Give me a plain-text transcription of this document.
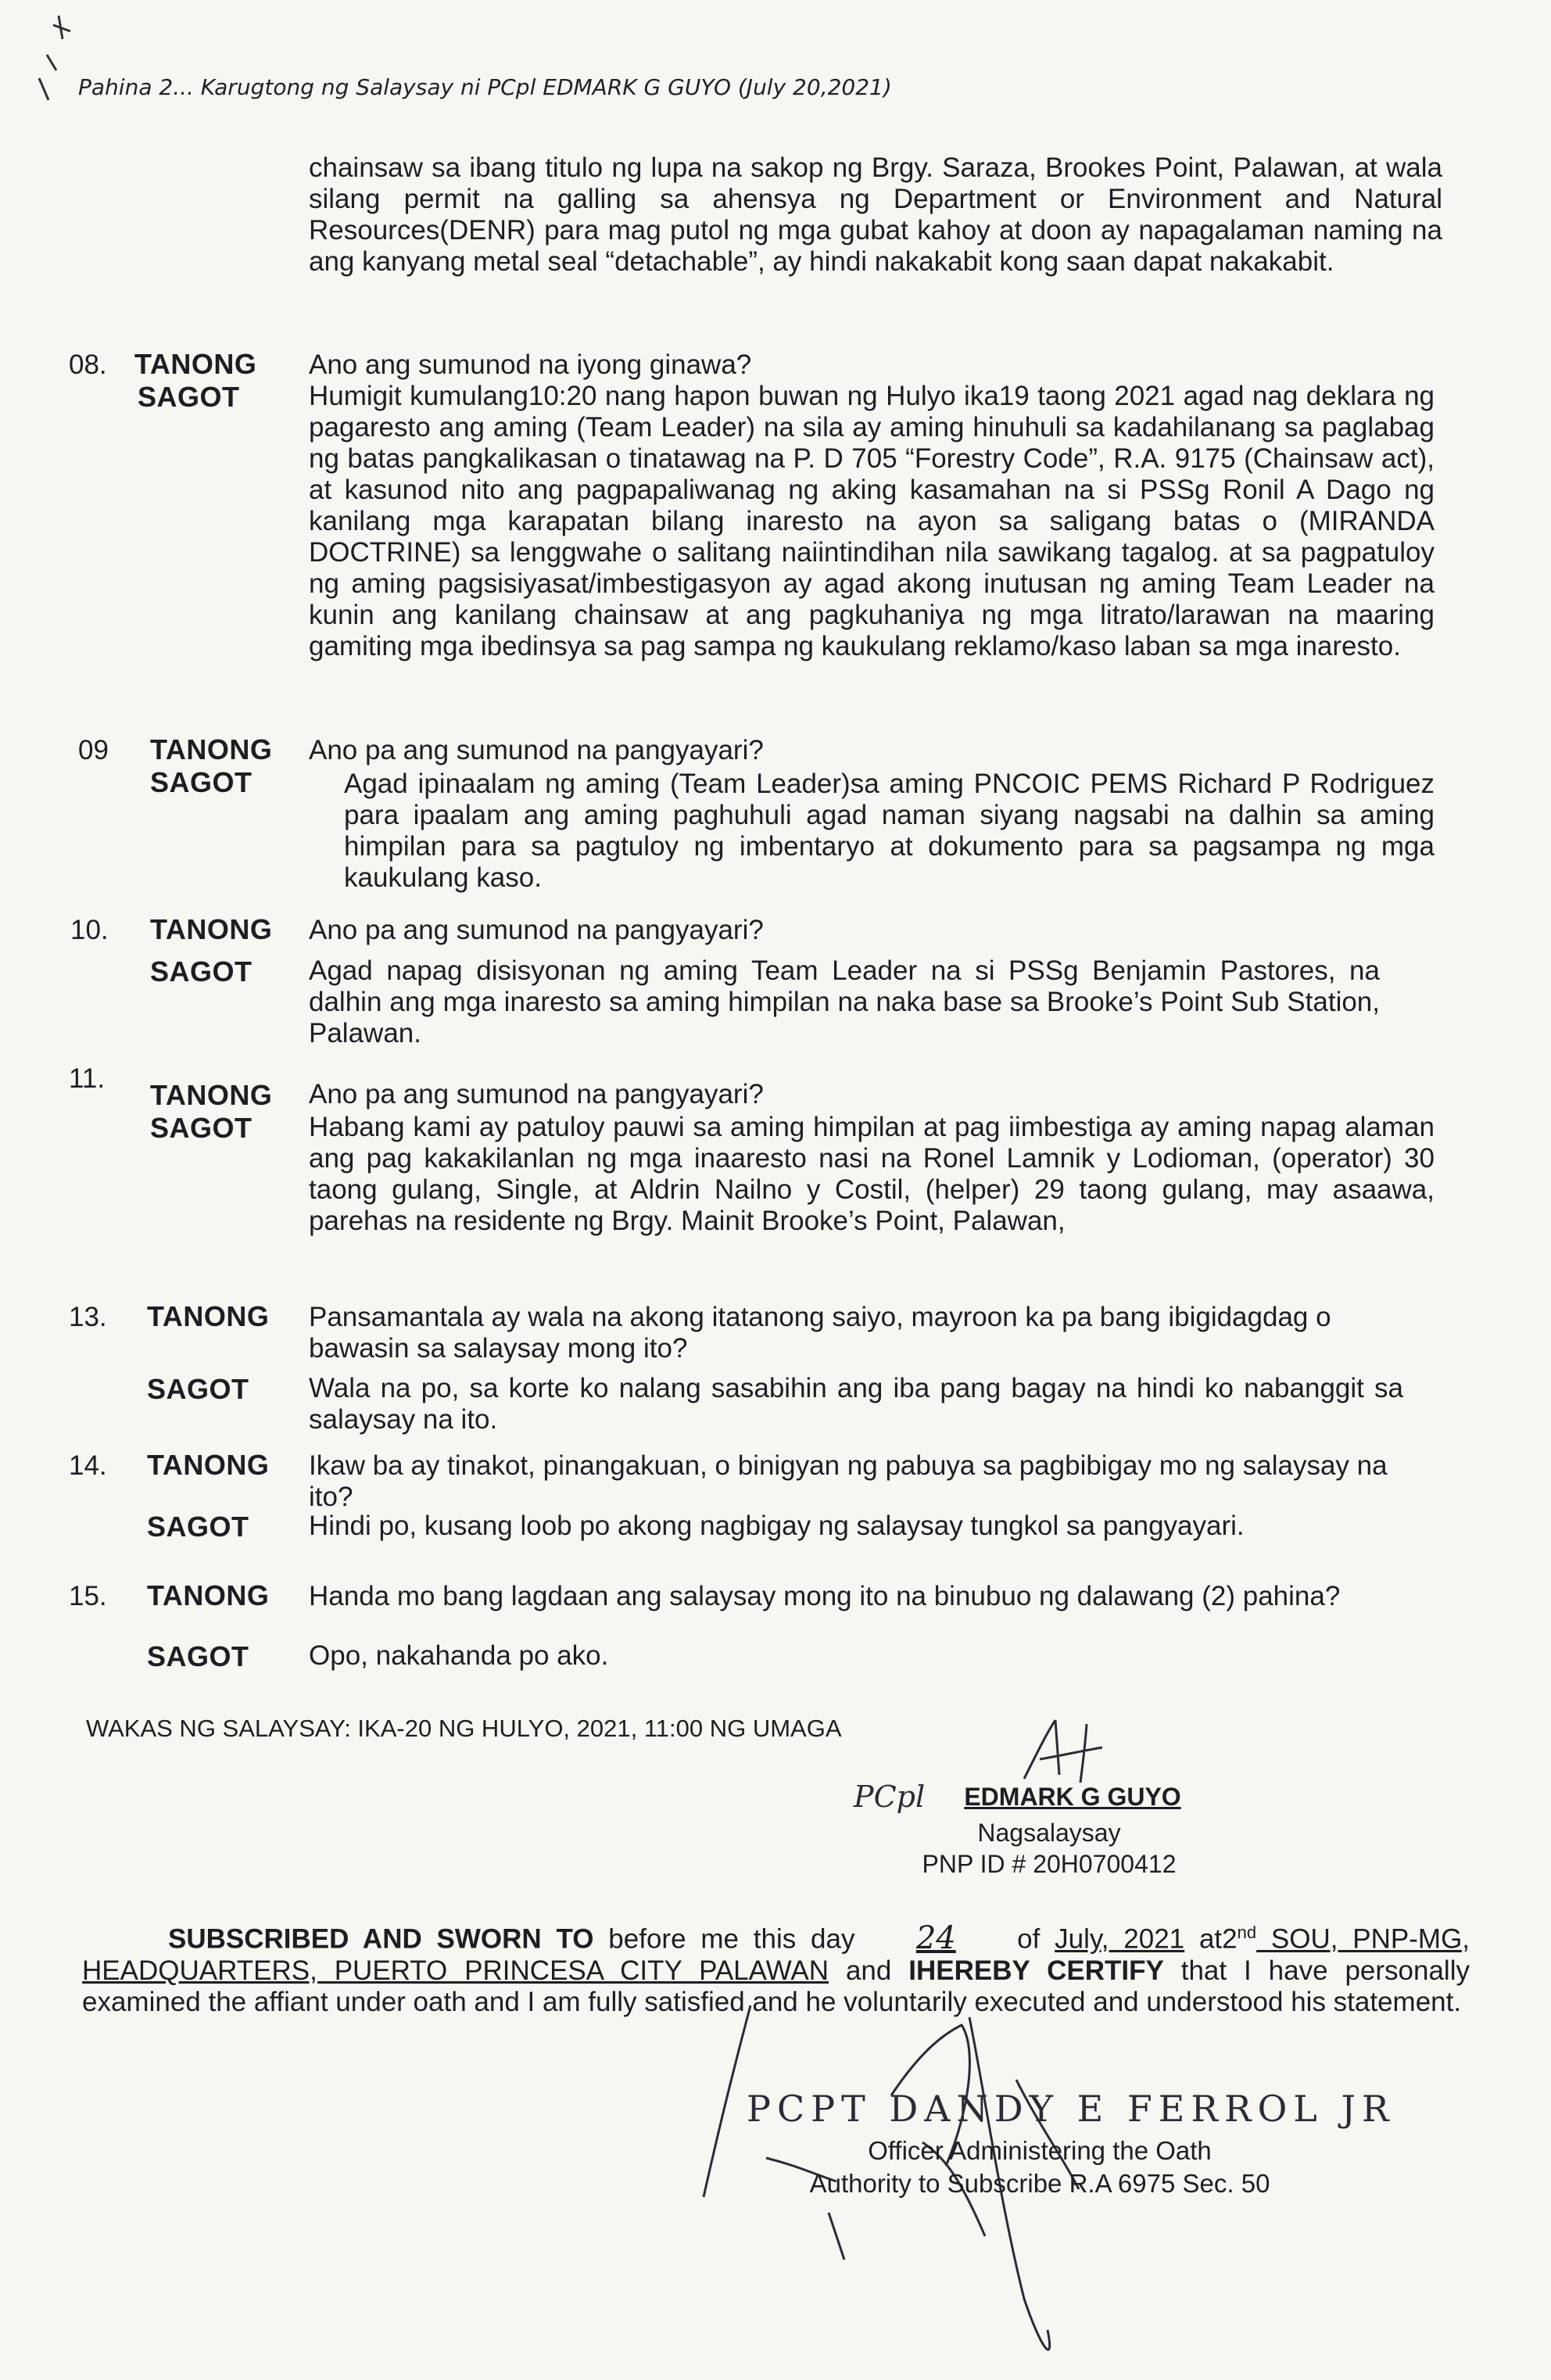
Pahina 2... Karugtong ng Salaysay ni PCpl EDMARK G GUYO (July 20,2021)

chainsaw sa ibang titulo ng lupa na sakop ng Brgy. Saraza, Brookes Point, Palawan, at wala silang permit na galling sa ahensya ng Department or Environment and Natural Resources(DENR) para mag putol ng mga gubat kahoy at doon ay napagalaman naming na ang kanyang metal seal “detachable”, ay hindi nakakabit kong saan dapat nakakabit.

08. TANONG
SAGOT

Ano ang sumunod na iyong ginawa?

Humigit kumulang10:20 nang hapon buwan ng Hulyo ika19 taong 2021 agad nag deklara ng pagaresto ang aming (Team Leader) na sila ay aming hinuhuli sa kadahilanang sa paglabag ng batas pangkalikasan o tinatawag na P. D 705 “Forestry Code”, R.A. 9175 (Chainsaw act), at kasunod nito ang pagpapaliwanag ng aking kasamahan na si PSSg Ronil A Dago ng kanilang mga karapatan bilang inaresto na ayon sa saligang batas o (MIRANDA DOCTRINE) sa lenggwahe o salitang naiintindihan nila sawikang tagalog. at sa pagpatuloy ng aming pagsisiyasat/imbestigasyon ay agad akong inutusan ng aming Team Leader na kunin ang kanilang chainsaw at ang pagkuhaniya ng mga litrato/larawan na maaring gamiting mga ibedinsya sa pag sampa ng kaukulang reklamo/kaso laban sa mga inaresto.

09 TANONG
SAGOT

Ano pa ang sumunod na pangyayari?

Agad ipinaalam ng aming (Team Leader)sa aming PNCOIC PEMS Richard P Rodriguez para ipaalam ang aming paghuhuli agad naman siyang nagsabi na dalhin sa aming himpilan para sa pagtuloy ng imbentaryo at dokumento para sa pagsampa ng mga kaukulang kaso.

10. TANONG
SAGOT

Ano pa ang sumunod na pangyayari?

Agad napag disisyonan ng aming Team Leader na si PSSg Benjamin Pastores, na dalhin ang mga inaresto sa aming himpilan na naka base sa Brooke’s Point Sub Station, Palawan.

11.
TANONG
SAGOT

Ano pa ang sumunod na pangyayari?

Habang kami ay patuloy pauwi sa aming himpilan at pag iimbestiga ay aming napag alaman ang pag kakakilanlan ng mga inaaresto nasi na Ronel Lamnik y Lodioman, (operator) 30 taong gulang, Single, at Aldrin Nailno y Costil, (helper) 29 taong gulang, may asaawa, parehas na residente ng Brgy. Mainit Brooke’s Point, Palawan,

13. TANONG
SAGOT

Pansamantala ay wala na akong itatanong saiyo, mayroon ka pa bang ibigidagdag o bawasin sa salaysay mong ito?

Wala na po, sa korte ko nalang sasabihin ang iba pang bagay na hindi ko nabanggit sa salaysay na ito.

14. TANONG
SAGOT

Ikaw ba ay tinakot, pinangakuan, o binigyan ng pabuya sa pagbibigay mo ng salaysay na ito?

Hindi po, kusang loob po akong nagbigay ng salaysay tungkol sa pangyayari.

15. TANONG
SAGOT

Handa mo bang lagdaan ang salaysay mong ito na binubuo ng dalawang (2) pahina?

Opo, nakahanda po ako.

WAKAS NG SALAYSAY: IKA-20 NG HULYO, 2021, 11:00 NG UMAGA
PCpl EDMARK G GUYO
Nagsalaysay
PNP ID # 20H0700412

SUBSCRIBED AND SWORN TO before me this day 24 of July, 2021 at2nd SOU, PNP-MG, HEADQUARTERS, PUERTO PRINCESA CITY PALAWAN and IHEREBY CERTIFY that I have personally examined the affiant under oath and I am fully satisfied and he voluntarily executed and understood his statement.

PCPT DANDY E FERROL JR
Officer Administering the Oath
Authority to Subscribe R.A 6975 Sec. 50
